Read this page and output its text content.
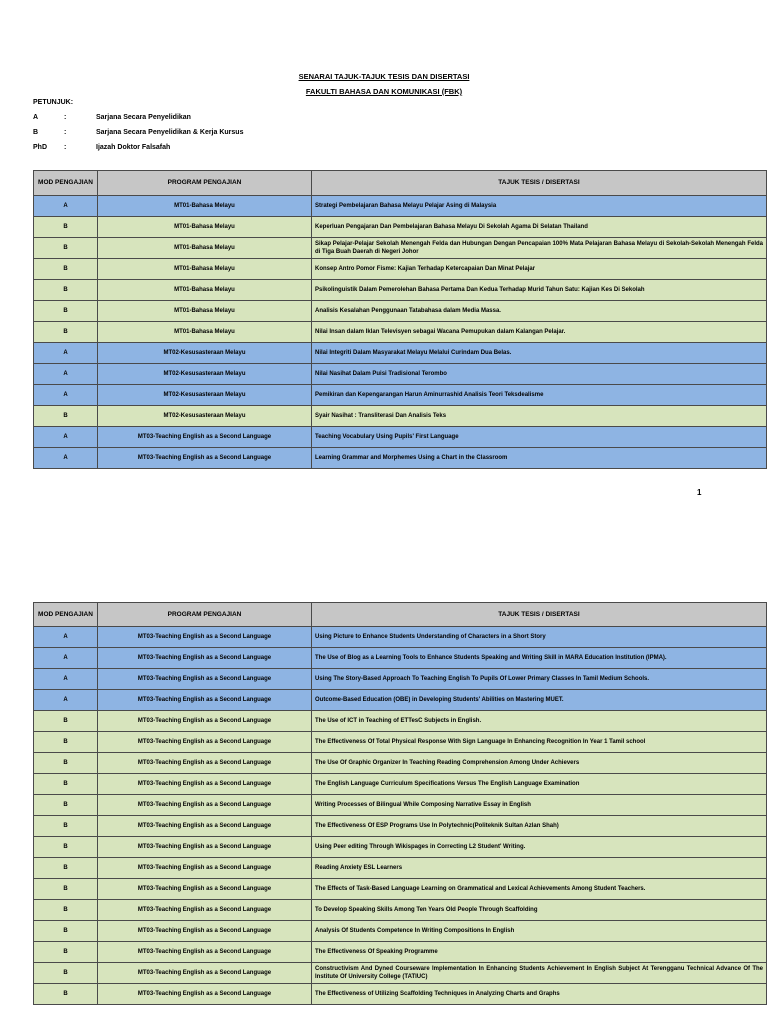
SENARAI TAJUK-TAJUK TESIS DAN DISERTASI
FAKULTI BAHASA DAN KOMUNIKASI (FBK)
PETUNJUK:
A	:	Sarjana Secara Penyelidikan
B	:	Sarjana Secara Penyelidikan & Kerja Kursus
PhD	:	Ijazah Doktor Falsafah
MOD PENGAJIAN	PROGRAM PENGAJIAN	TAJUK TESIS / DISERTASI
A	MT01-Bahasa Melayu	Strategi Pembelajaran Bahasa Melayu Pelajar Asing di Malaysia
B	MT01-Bahasa Melayu	Keperluan Pengajaran Dan Pembelajaran Bahasa Melayu Di Sekolah Agama Di Selatan Thailand
B	MT01-Bahasa Melayu	Sikap Pelajar-Pelajar Sekolah Menengah Felda dan Hubungan Dengan Pencapaian 100% Mata Pelajaran Bahasa Melayu di Sekolah-Sekolah Menengah Felda di Tiga Buah Daerah di Negeri Johor
B	MT01-Bahasa Melayu	Konsep Antro Pomor Fisme: Kajian Terhadap Ketercapaian Dan Minat Pelajar
B	MT01-Bahasa Melayu	Psikolinguistik Dalam Pemerolehan Bahasa Pertama Dan Kedua Terhadap Murid Tahun Satu: Kajian Kes Di Sekolah
B	MT01-Bahasa Melayu	Analisis Kesalahan Penggunaan Tatabahasa dalam Media Massa.
B	MT01-Bahasa Melayu	Nilai Insan dalam Iklan Televisyen sebagai Wacana Pemupukan dalam Kalangan Pelajar.
A	MT02-Kesusasteraan Melayu	Nilai Integriti Dalam Masyarakat Melayu Melalui Curindam Dua Belas.
A	MT02-Kesusasteraan Melayu	Nilai Nasihat Dalam Puisi Tradisional Terombo
A	MT02-Kesusasteraan Melayu	Pemikiran dan Kepengarangan Harun Aminurrashid Analisis Teori Teksdealisme
B	MT02-Kesusasteraan Melayu	Syair Nasihat : Transliterasi Dan Analisis Teks
A	MT03-Teaching English as a Second Language	Teaching Vocabulary Using Pupils' First Language
A	MT03-Teaching English as a Second Language	Learning Grammar and Morphemes Using a Chart in the Classroom
1
MOD PENGAJIAN	PROGRAM PENGAJIAN	TAJUK TESIS / DISERTASI
A	MT03-Teaching English as a Second Language	Using Picture to Enhance Students Understanding of Characters in a Short Story
A	MT03-Teaching English as a Second Language	The Use of Blog as a Learning Tools to Enhance Students Speaking and Writing Skill in MARA Education Institution (IPMA).
A	MT03-Teaching English as a Second Language	Using The Story-Based Approach To Teaching English To Pupils Of Lower Primary Classes In Tamil Medium Schools.
A	MT03-Teaching English as a Second Language	Outcome-Based Education (OBE) in Developing Students' Abilities on Mastering MUET.
B	MT03-Teaching English as a Second Language	The Use of ICT in Teaching of ETTesC Subjects in English.
B	MT03-Teaching English as a Second Language	The Effectiveness Of Total Physical Response With Sign Language In Enhancing Recognition In Year 1 Tamil school
B	MT03-Teaching English as a Second Language	The Use Of Graphic Organizer In Teaching Reading Comprehension Among Under Achievers
B	MT03-Teaching English as a Second Language	The English Language Curriculum Specifications Versus The English Language Examination
B	MT03-Teaching English as a Second Language	Writing Processes of Bilingual While Composing Narrative Essay in English
B	MT03-Teaching English as a Second Language	The Effectiveness Of ESP Programs Use In Polytechnic(Politeknik Sultan Azlan Shah)
B	MT03-Teaching English as a Second Language	Using Peer editing Through Wikispages in Correcting L2 Student' Writing.
B	MT03-Teaching English as a Second Language	Reading Anxiety ESL Learners
B	MT03-Teaching English as a Second Language	The Effects of Task-Based Language Learning on Grammatical and Lexical Achievements Among Student Teachers.
B	MT03-Teaching English as a Second Language	To Develop Speaking Skills Among Ten Years Old People Through Scaffolding
B	MT03-Teaching English as a Second Language	Analysis Of Students Competence In Writing Compositions In English
B	MT03-Teaching English as a Second Language	The Effectiveness Of Speaking Programme
B	MT03-Teaching English as a Second Language	Constructivism And Dyned Courseware Implementation In Enhancing Students Achievement In English Subject At Terengganu Technical Advance Of The Institute Of University College (TATIUC)
B	MT03-Teaching English as a Second Language	The Effectiveness of Utilizing Scaffolding Techniques in Analyzing Charts and Graphs
